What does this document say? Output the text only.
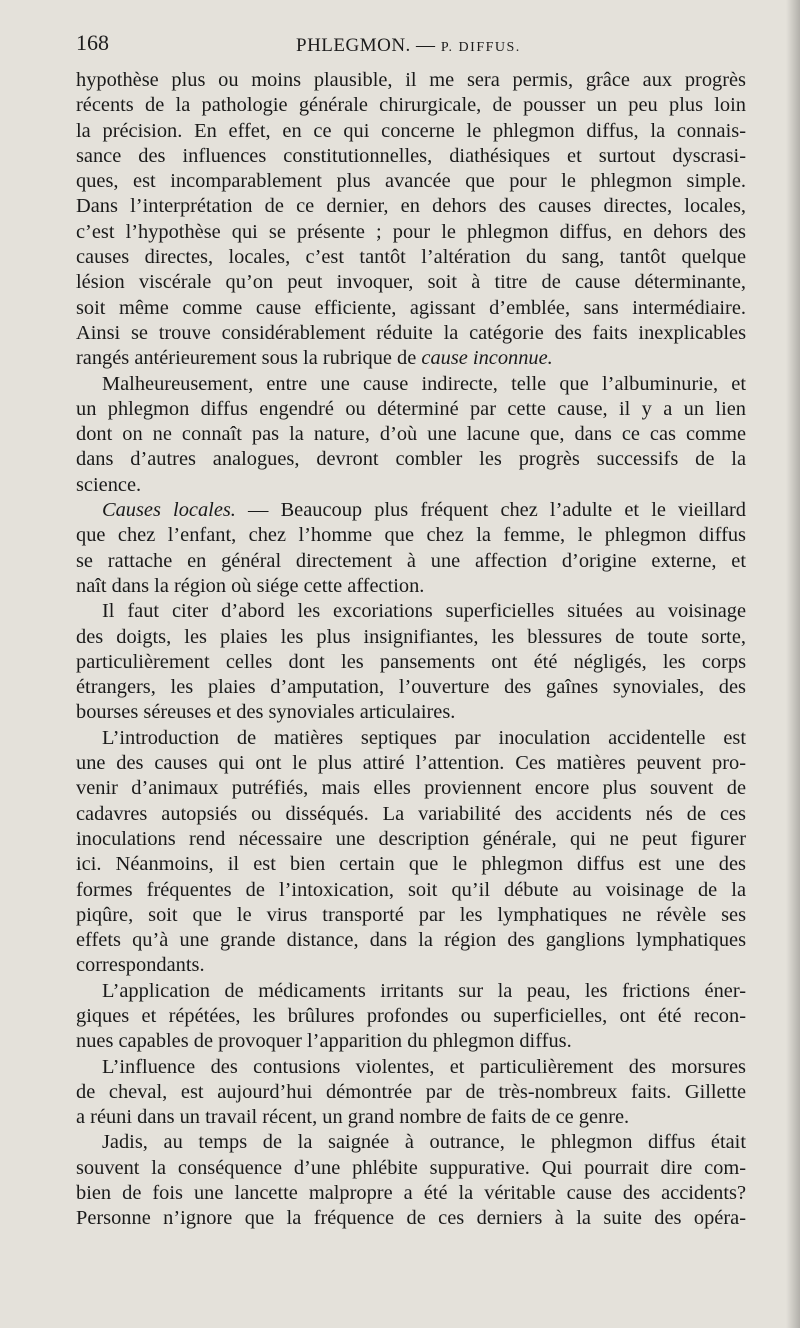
168	PHLEGMON. — P. DIFFUS.
hypothèse plus ou moins plausible, il me sera permis, grâce aux progrès
récents de la pathologie générale chirurgicale, de pousser un peu plus loin
la précision. En effet, en ce qui concerne le phlegmon diffus, la connais-
sance des influences constitutionnelles, diathésiques et surtout dyscrasi-
ques, est incomparablement plus avancée que pour le phlegmon simple.
Dans l’interprétation de ce dernier, en dehors des causes directes, locales,
c’est l’hypothèse qui se présente ; pour le phlegmon diffus, en dehors des
causes directes, locales, c’est tantôt l’altération du sang, tantôt quelque
lésion viscérale qu’on peut invoquer, soit à titre de cause déterminante,
soit même comme cause efficiente, agissant d’emblée, sans intermédiaire.
Ainsi se trouve considérablement réduite la catégorie des faits inexplicables
rangés antérieurement sous la rubrique de cause inconnue.
Malheureusement, entre une cause indirecte, telle que l’albuminurie, et
un phlegmon diffus engendré ou déterminé par cette cause, il y a un lien
dont on ne connaît pas la nature, d’où une lacune que, dans ce cas comme
dans d’autres analogues, devront combler les progrès successifs de la
science.
Causes locales. — Beaucoup plus fréquent chez l’adulte et le vieillard
que chez l’enfant, chez l’homme que chez la femme, le phlegmon diffus
se rattache en général directement à une affection d’origine externe, et
naît dans la région où siége cette affection.
Il faut citer d’abord les excoriations superficielles situées au voisinage
des doigts, les plaies les plus insignifiantes, les blessures de toute sorte,
particulièrement celles dont les pansements ont été négligés, les corps
étrangers, les plaies d’amputation, l’ouverture des gaînes synoviales, des
bourses séreuses et des synoviales articulaires.
L’introduction de matières septiques par inoculation accidentelle est
une des causes qui ont le plus attiré l’attention. Ces matières peuvent pro-
venir d’animaux putréfiés, mais elles proviennent encore plus souvent de
cadavres autopsiés ou disséqués. La variabilité des accidents nés de ces
inoculations rend nécessaire une description générale, qui ne peut figurer
ici. Néanmoins, il est bien certain que le phlegmon diffus est une des
formes fréquentes de l’intoxication, soit qu’il débute au voisinage de la
piqûre, soit que le virus transporté par les lymphatiques ne révèle ses
effets qu’à une grande distance, dans la région des ganglions lymphatiques
correspondants.
L’application de médicaments irritants sur la peau, les frictions éner-
giques et répétées, les brûlures profondes ou superficielles, ont été recon-
nues capables de provoquer l’apparition du phlegmon diffus.
L’influence des contusions violentes, et particulièrement des morsures
de cheval, est aujourd’hui démontrée par de très-nombreux faits. Gillette
a réuni dans un travail récent, un grand nombre de faits de ce genre.
Jadis, au temps de la saignée à outrance, le phlegmon diffus était
souvent la conséquence d’une phlébite suppurative. Qui pourrait dire com-
bien de fois une lancette malpropre a été la véritable cause des accidents?
Personne n’ignore que la fréquence de ces derniers à la suite des opéra-
